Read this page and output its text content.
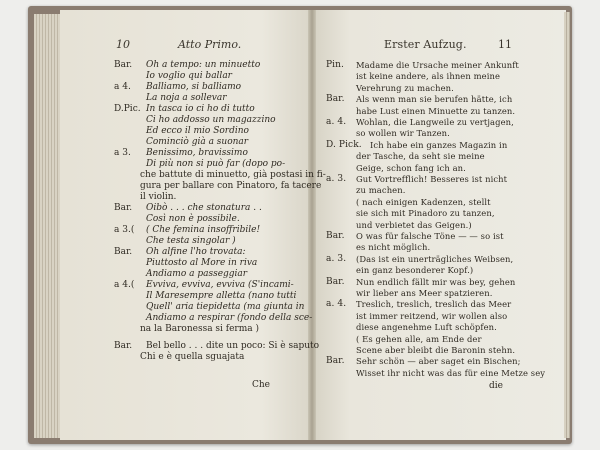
10	Atto Primo.	Erster Aufzug.	11
Bar. Oh a tempo: un minuetto
Io voglio qui ballar
a 4. Balliamo, si balliamo
La noja a sollevar
D.Pic. In tasca io ci ho di tutto
Ci ho addosso un magazzino
Ed ecco il mio Sordino
Cominciò già a suonar
a 3. Benissimo, bravissimo
Di più non si può far (dopo po-
che battute di minuetto, già postasi in fi-
gura per ballare con Pinatoro, fa tacere
il violin.
Bar. Oibò . . . che stonatura . .
Così non è possibile.
a 3.( ( Che femina insoffribile!
Che testa singolar )
Bar. Oh alfine l'ho trovata:
Piuttosto al More in riva
Andiamo a passeggiar
a 4.( Evviva, evviva, evviva (S'incami-
Il Maresempre alletta (nano tutti
Quell' aria tiepidetta (ma giunta in
Andiamo a respirar (fondo della sce-
na la Baronessa si ferma )
Bar. Bel bello . . . dite un poco: Si è saputo
Chi e è quella sguajata
Che
Pin. Madame die Ursache meiner Ankunft
ist keine andere, als ihnen meine
Verehrung zu machen.
Bar. Als wenn man sie berufen hätte, ich
habe Lust einen Minuette zu tanzen.
a. 4. Wohlan, die Langweile zu vertjagen,
so wollen wir Tanzen.
D. Pick. Ich habe ein ganzes Magazin in
der Tasche, da seht sie meine
Geige, schon fang ich an.
a. 3. Gut Vortrefflich! Besseres ist nicht
zu machen.
( nach einigen Kadenzen, stellt
sie sich mit Pinadoro zu tanzen,
und verbietet das Geigen.)
Bar. O was für falsche Töne — — so ist
es nicht möglich.
a. 3. (Das ist ein unerträgliches Weibsen,
ein ganz besonderer Kopf.)
Bar. Nun endlich fällt mir was bey, gehen
wir lieber ans Meer spatzieren.
a. 4. Treslich, treslich, treslich das Meer
ist immer reitzend, wir wollen also
diese angenehme Luft schöpfen.
( Es gehen alle, am Ende der
Scene aber bleibt die Baronin stehn.
Bar. Sehr schön — aber saget ein Bischen;
Wisset ihr nicht was das für eine Metze sey
die
